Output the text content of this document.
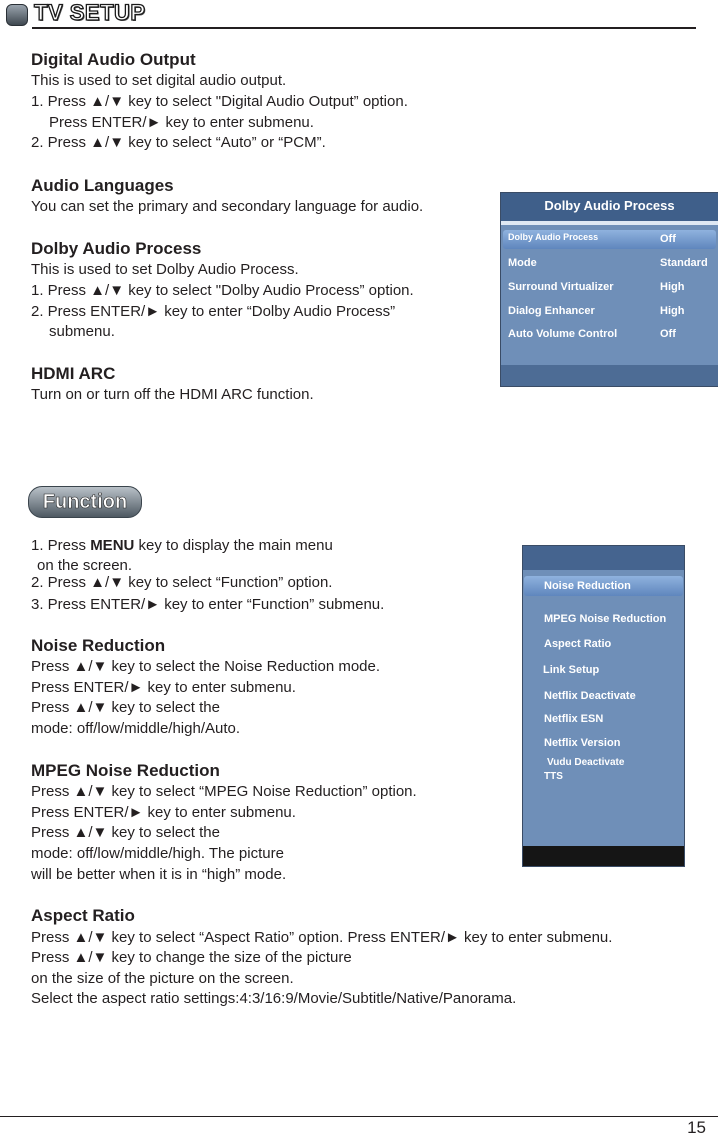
TV SETUP
Digital Audio Output
This is used to set digital audio output.
1. Press ▲/▼ key to select "Digital Audio Output” option.
Press ENTER/► key to enter submenu.
2. Press ▲/▼ key to select “Auto” or “PCM”.
Audio Languages
You can set the primary and secondary language for audio.
Dolby Audio Process
This is used to set Dolby Audio Process.
1. Press ▲/▼ key to select "Dolby Audio Process” option.
2. Press ENTER/► key to enter “Dolby Audio Process”
submenu.
HDMI ARC
Turn on or turn off the HDMI ARC function.
Dolby Audio Process
Dolby Audio Process	Off
Mode	Standard
Surround Virtualizer	High
Dialog Enhancer	High
Auto Volume Control	Off
Function
1. Press MENU key to display the main menu
on the screen.
2. Press ▲/▼ key to select “Function” option.
3. Press ENTER/► key to enter “Function” submenu.
Noise Reduction
Press ▲/▼ key to select the Noise Reduction mode.
Press ENTER/► key to enter submenu.
Press ▲/▼ key to select the
mode: off/low/middle/high/Auto.
MPEG Noise Reduction
Press ▲/▼ key to select “MPEG Noise Reduction” option.
Press ENTER/► key to enter submenu.
Press ▲/▼ key to select the
mode: off/low/middle/high. The picture
will be better when it is in “high” mode.
Aspect Ratio
Press ▲/▼ key to select “Aspect Ratio” option. Press ENTER/► key to enter submenu.
Press ▲/▼ key to change the size of the picture
on the size of the picture on the screen.
Select the aspect ratio settings:4:3/16:9/Movie/Subtitle/Native/Panorama.
Noise Reduction
MPEG Noise Reduction
Aspect Ratio
Link Setup
Netflix Deactivate
Netflix ESN
Netflix Version
Vudu Deactivate
TTS
15
